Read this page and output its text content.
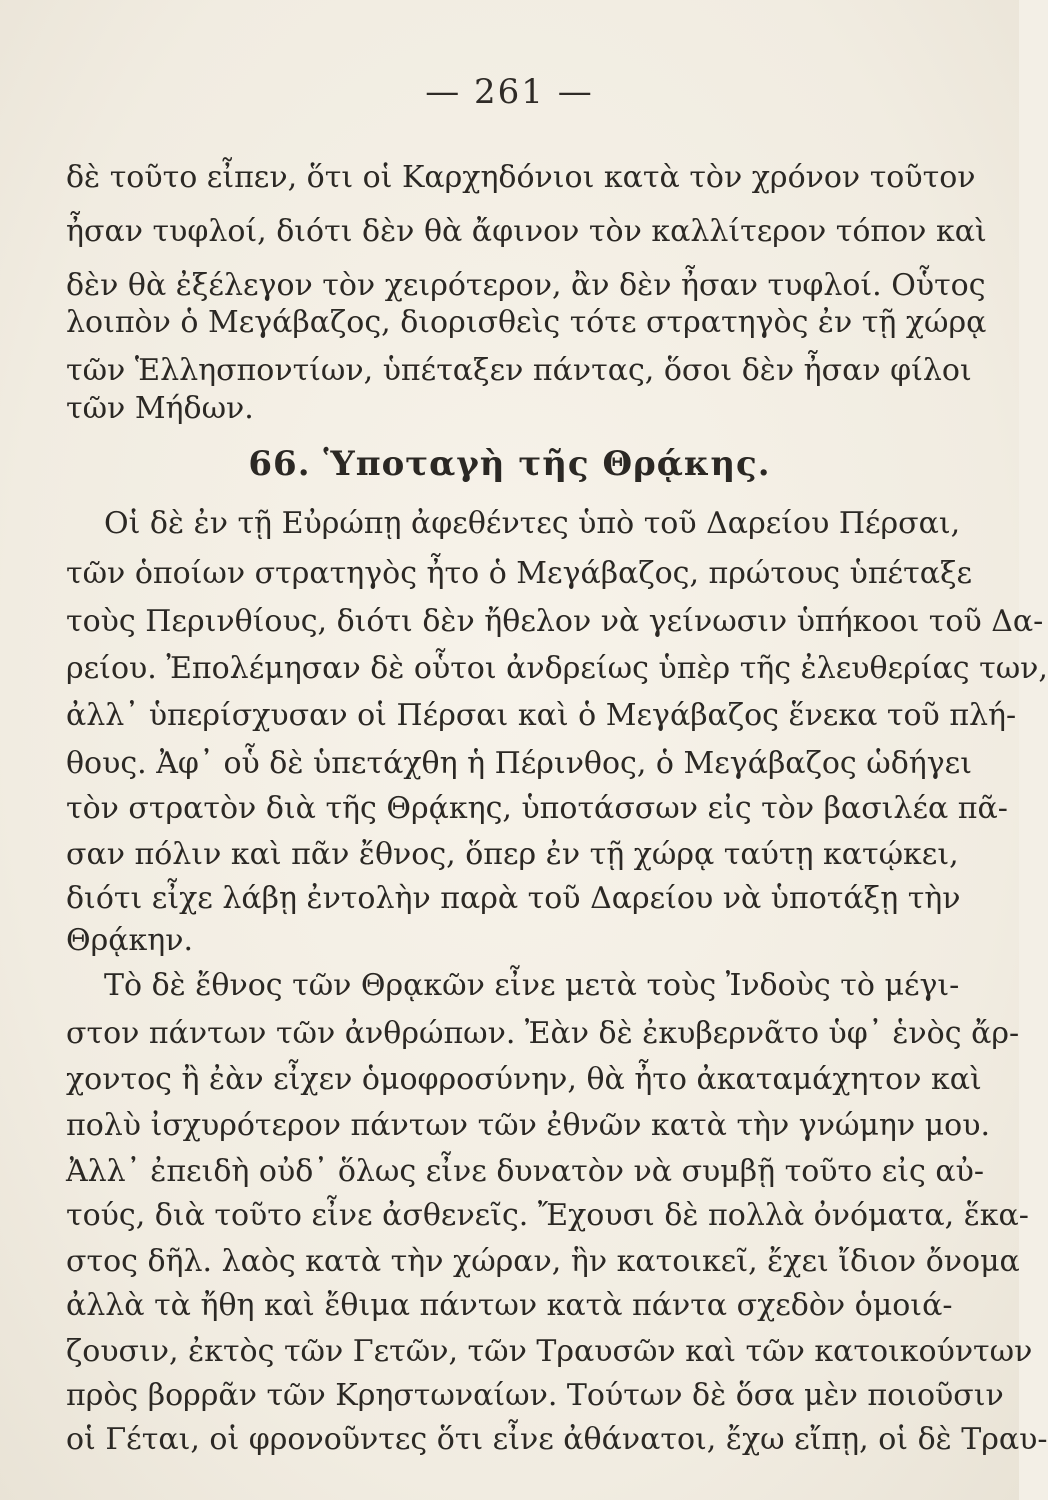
— 261 —
δὲ τοῦτο εἶπεν, ὅτι οἱ Καρχηδόνιοι κατὰ τὸν χρόνον τοῦτον
ἦσαν τυφλοί, διότι δὲν θὰ ἄφινον τὸν καλλίτερον τόπον καὶ
δὲν θὰ ἐξέλεγον τὸν χειρότερον, ἂν δὲν ἦσαν τυφλοί. Οὗτος
λοιπὸν ὁ Μεγάβαζος, διορισθεὶς τότε στρατηγὸς ἐν τῇ χώρᾳ
τῶν Ἑλλησποντίων, ὑπέταξεν πάντας, ὅσοι δὲν ἦσαν φίλοι
τῶν Μήδων.
66. Ὑποταγὴ τῆς Θρᾴκης.
Οἱ δὲ ἐν τῇ Εὐρώπῃ ἀφεθέντες ὑπὸ τοῦ Δαρείου Πέρσαι,
τῶν ὁποίων στρατηγὸς ἦτο ὁ Μεγάβαζος, πρώτους ὑπέταξε
τοὺς Περινθίους, διότι δὲν ἤθελον νὰ γείνωσιν ὑπήκοοι τοῦ Δα-
ρείου. Ἐπολέμησαν δὲ οὗτοι ἀνδρείως ὑπὲρ τῆς ἐλευθερίας των,
ἀλλ᾽ ὑπερίσχυσαν οἱ Πέρσαι καὶ ὁ Μεγάβαζος ἕνεκα τοῦ πλή-
θους. Ἀφ᾽ οὗ δὲ ὑπετάχθη ἡ Πέρινθος, ὁ Μεγάβαζος ὡδήγει
τὸν στρατὸν διὰ τῆς Θρᾴκης, ὑποτάσσων εἰς τὸν βασιλέα πᾶ-
σαν πόλιν καὶ πᾶν ἔθνος, ὅπερ ἐν τῇ χώρᾳ ταύτῃ κατῴκει,
διότι εἶχε λάβῃ ἐντολὴν παρὰ τοῦ Δαρείου νὰ ὑποτάξῃ τὴν
Θρᾴκην.
Τὸ δὲ ἔθνος τῶν Θρᾳκῶν εἶνε μετὰ τοὺς Ἰνδοὺς τὸ μέγι-
στον πάντων τῶν ἀνθρώπων. Ἐὰν δὲ ἐκυβερνᾶτο ὑφ᾽ ἑνὸς ἄρ-
χοντος ἢ ἐὰν εἶχεν ὁμοφροσύνην, θὰ ἦτο ἀκαταμάχητον καὶ
πολὺ ἰσχυρότερον πάντων τῶν ἐθνῶν κατὰ τὴν γνώμην μου.
Ἀλλ᾽ ἐπειδὴ οὐδ᾽ ὅλως εἶνε δυνατὸν νὰ συμβῇ τοῦτο εἰς αὐ-
τούς, διὰ τοῦτο εἶνε ἀσθενεῖς. Ἔχουσι δὲ πολλὰ ὀνόματα, ἕκα-
στος δῆλ. λαὸς κατὰ τὴν χώραν, ἣν κατοικεῖ, ἔχει ἴδιον ὄνομα
ἀλλὰ τὰ ἤθη καὶ ἔθιμα πάντων κατὰ πάντα σχεδὸν ὁμοιά-
ζουσιν, ἐκτὸς τῶν Γετῶν, τῶν Τραυσῶν καὶ τῶν κατοικούντων
πρὸς βορρᾶν τῶν Κρηστωναίων. Τούτων δὲ ὅσα μὲν ποιοῦσιν
οἱ Γέται, οἱ φρονοῦντες ὅτι εἶνε ἀθάνατοι, ἔχω εἴπῃ, οἱ δὲ Τραυ-
